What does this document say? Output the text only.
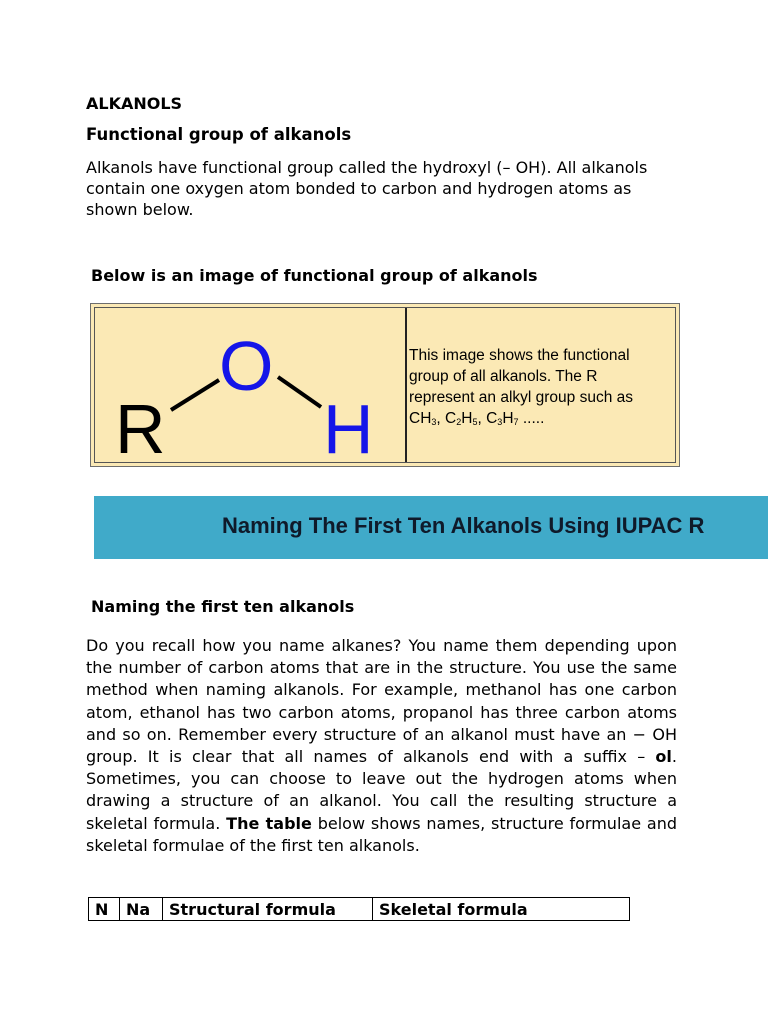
ALKANOLS
Functional group of alkanols
Alkanols have functional group called the hydroxyl (– OH). All alkanols contain one oxygen atom bonded to carbon and hydrogen atoms as shown below.
Below is an image of functional group of alkanols
R
O
H
This image shows the functional
group of all alkanols. The R
represent an alkyl group such as
$CH_3$, $C_2H_5$, $C_3H_7$ .....
Naming The First Ten Alkanols Using IUPAC R
Naming the first ten alkanols
Do you recall how you name alkanes? You name them depending upon the number of carbon atoms that are in the structure. You use the same method when naming alkanols. For example, methanol has one carbon atom, ethanol has two carbon atoms, propanol has three carbon atoms and so on. Remember every structure of an alkanol must have an − OH group. It is clear that all names of alkanols end with a suffix – ol. Sometimes, you can choose to leave out the hydrogen atoms when drawing a structure of an alkanol. You call the resulting structure a skeletal formula. The table below shows names, structure formulae and skeletal formulae of the first ten alkanols.
N	Na	Structural formula	Skeletal formula
